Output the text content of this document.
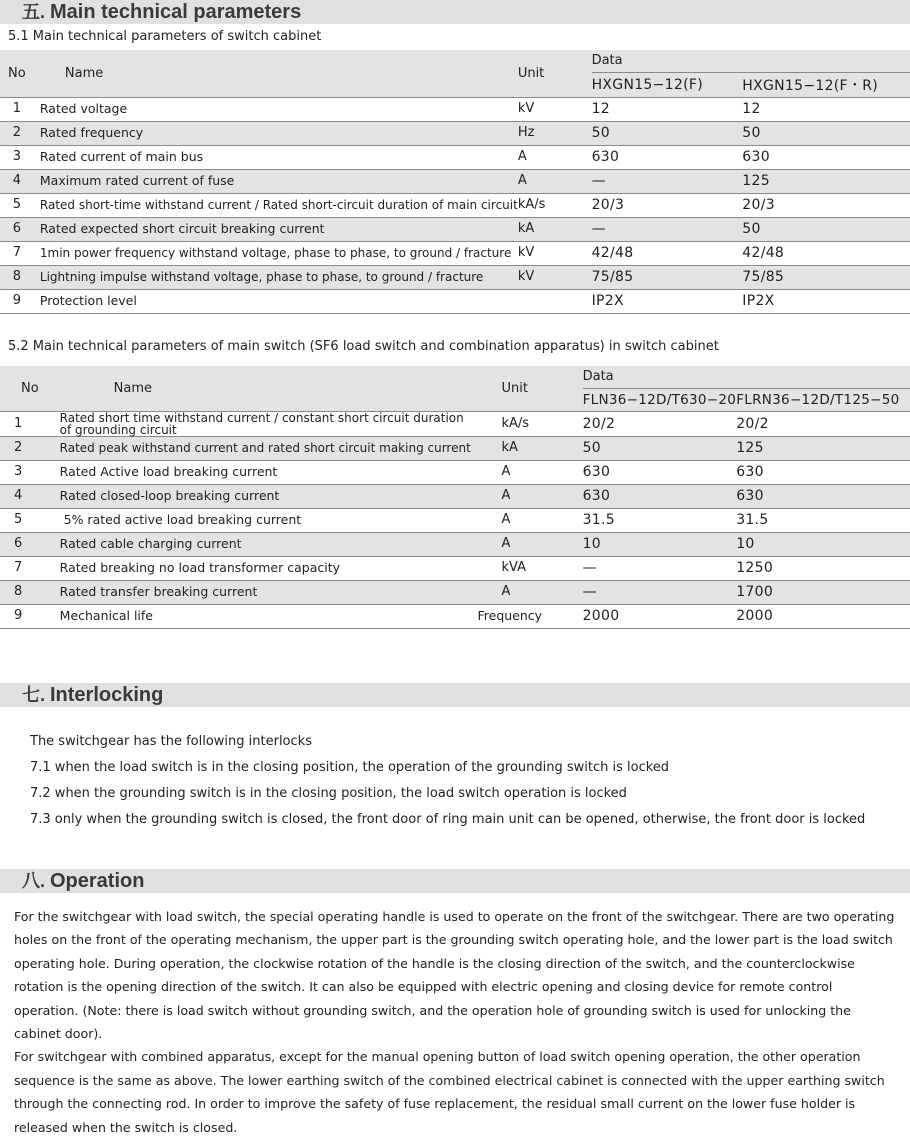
五. Main technical parameters
5.1 Main technical parameters of switch cabinet
No	Name	Unit	Data	
			HXGN15−12(F)	HXGN15−12(F・R)
1	Rated voltage	kV	12	12
2	Rated frequency	Hz	50	50
3	Rated current of main bus	A	630	630
4	Maximum rated current of fuse	A	—	125
5	Rated short-time withstand current / Rated short-circuit duration of main circuit	kA/s	20/3	20/3
6	Rated expected short circuit breaking current	kA	—	50
7	1min power frequency withstand voltage, phase to phase, to ground / fracture	kV	42/48	42/48
8	Lightning impulse withstand voltage, phase to phase, to ground / fracture	kV	75/85	75/85
9	Protection level		IP2X	IP2X
5.2 Main technical parameters of main switch (SF6 load switch and combination apparatus) in switch cabinet
No	Name	Unit	Data	
			FLN36−12D/T630−20	FLRN36−12D/T125−50
1	Rated short time withstand current / constant short circuit duration
of grounding circuit	kA/s	20/2	20/2
2	Rated peak withstand current and rated short circuit making current	kA	50	125
3	Rated Active load breaking current	A	630	630
4	Rated closed-loop breaking current	A	630	630
5	5% rated active load breaking current	A	31.5	31.5
6	Rated cable charging current	A	10	10
7	Rated breaking no load transformer capacity	kVA	—	1250
8	Rated transfer breaking current	A	—	1700
9	Mechanical life	Frequency	2000	2000
七. Interlocking
The switchgear has the following interlocks
7.1 when the load switch is in the closing position, the operation of the grounding switch is locked
7.2 when the grounding switch is in the closing position, the load switch operation is locked
7.3 only when the grounding switch is closed, the front door of ring main unit can be opened, otherwise, the front door is locked
八. Operation

For the switchgear with load switch, the special operating handle is used to operate on the front of the switchgear. There are two operating holes on the front of the operating mechanism, the upper part is the grounding switch operating hole, and the lower part is the load switch operating hole. During operation, the clockwise rotation of the handle is the closing direction of the switch, and the counterclockwise rotation is the opening direction of the switch. It can also be equipped with electric opening and closing device for remote control operation. (Note: there is load switch without grounding switch, and the operation hole of grounding switch is used for unlocking the cabinet door).

For switchgear with combined apparatus, except for the manual opening button of load switch opening operation, the other operation sequence is the same as above. The lower earthing switch of the combined electrical cabinet is connected with the upper earthing switch through the connecting rod. In order to improve the safety of fuse replacement, the residual small current on the lower fuse holder is released when the switch is closed.
